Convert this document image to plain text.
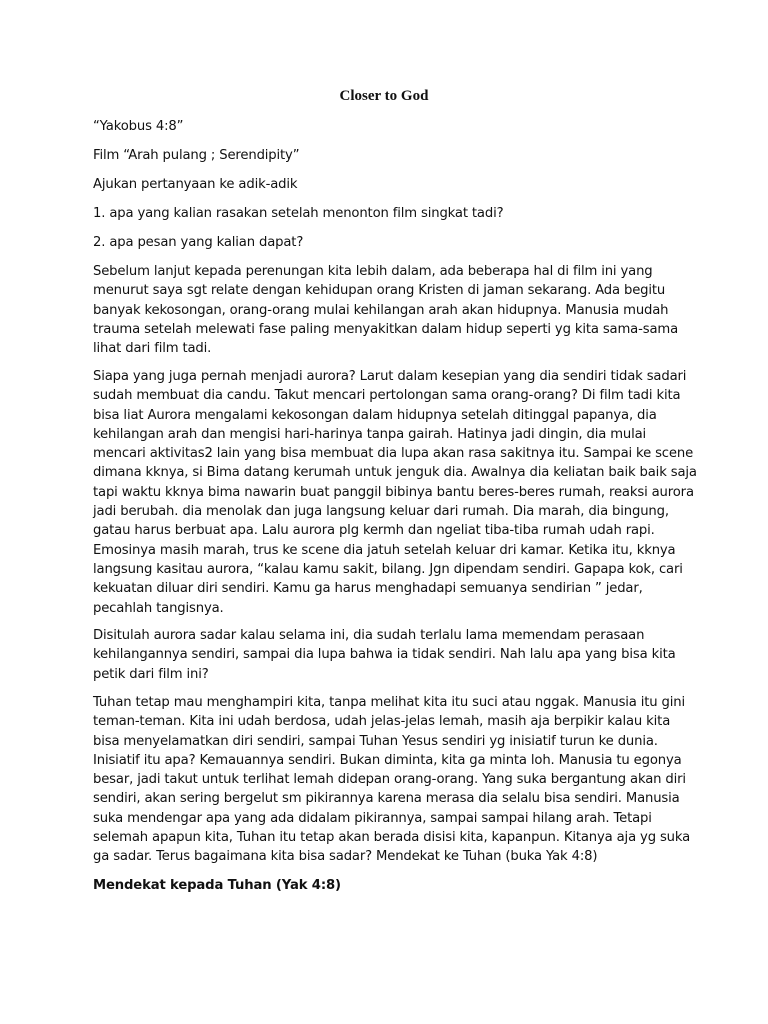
Closer to God

“Yakobus 4:8”

Film “Arah pulang ; Serendipity”

Ajukan pertanyaan ke adik-adik

1. apa yang kalian rasakan setelah menonton film singkat tadi?

2. apa pesan yang kalian dapat?

Sebelum lanjut kepada perenungan kita lebih dalam, ada beberapa hal di film ini yang
menurut saya sgt relate dengan kehidupan orang Kristen di jaman sekarang. Ada begitu
banyak kekosongan, orang-orang mulai kehilangan arah akan hidupnya. Manusia mudah
trauma setelah melewati fase paling menyakitkan dalam hidup seperti yg kita sama-sama
lihat dari film tadi.

Siapa yang juga pernah menjadi aurora? Larut dalam kesepian yang dia sendiri tidak sadari
sudah membuat dia candu. Takut mencari pertolongan sama orang-orang? Di film tadi kita
bisa liat Aurora mengalami kekosongan dalam hidupnya setelah ditinggal papanya, dia
kehilangan arah dan mengisi hari-harinya tanpa gairah. Hatinya jadi dingin, dia mulai
mencari aktivitas2 lain yang bisa membuat dia lupa akan rasa sakitnya itu. Sampai ke scene
dimana kknya, si Bima datang kerumah untuk jenguk dia. Awalnya dia keliatan baik baik saja
tapi waktu kknya bima nawarin buat panggil bibinya bantu beres-beres rumah, reaksi aurora
jadi berubah. dia menolak dan juga langsung keluar dari rumah. Dia marah, dia bingung,
gatau harus berbuat apa. Lalu aurora plg kermh dan ngeliat tiba-tiba rumah udah rapi.
Emosinya masih marah, trus ke scene dia jatuh setelah keluar dri kamar. Ketika itu, kknya
langsung kasitau aurora, “kalau kamu sakit, bilang. Jgn dipendam sendiri. Gapapa kok, cari
kekuatan diluar diri sendiri. Kamu ga harus menghadapi semuanya sendirian ” jedar,
pecahlah tangisnya.

Disitulah aurora sadar kalau selama ini, dia sudah terlalu lama memendam perasaan
kehilangannya sendiri, sampai dia lupa bahwa ia tidak sendiri. Nah lalu apa yang bisa kita
petik dari film ini?

Tuhan tetap mau menghampiri kita, tanpa melihat kita itu suci atau nggak. Manusia itu gini
teman-teman. Kita ini udah berdosa, udah jelas-jelas lemah, masih aja berpikir kalau kita
bisa menyelamatkan diri sendiri, sampai Tuhan Yesus sendiri yg inisiatif turun ke dunia.
Inisiatif itu apa? Kemauannya sendiri. Bukan diminta, kita ga minta loh. Manusia tu egonya
besar, jadi takut untuk terlihat lemah didepan orang-orang. Yang suka bergantung akan diri
sendiri, akan sering bergelut sm pikirannya karena merasa dia selalu bisa sendiri. Manusia
suka mendengar apa yang ada didalam pikirannya, sampai sampai hilang arah. Tetapi
selemah apapun kita, Tuhan itu tetap akan berada disisi kita, kapanpun. Kitanya aja yg suka
ga sadar. Terus bagaimana kita bisa sadar? Mendekat ke Tuhan (buka Yak 4:8)

Mendekat kepada Tuhan (Yak 4:8)
